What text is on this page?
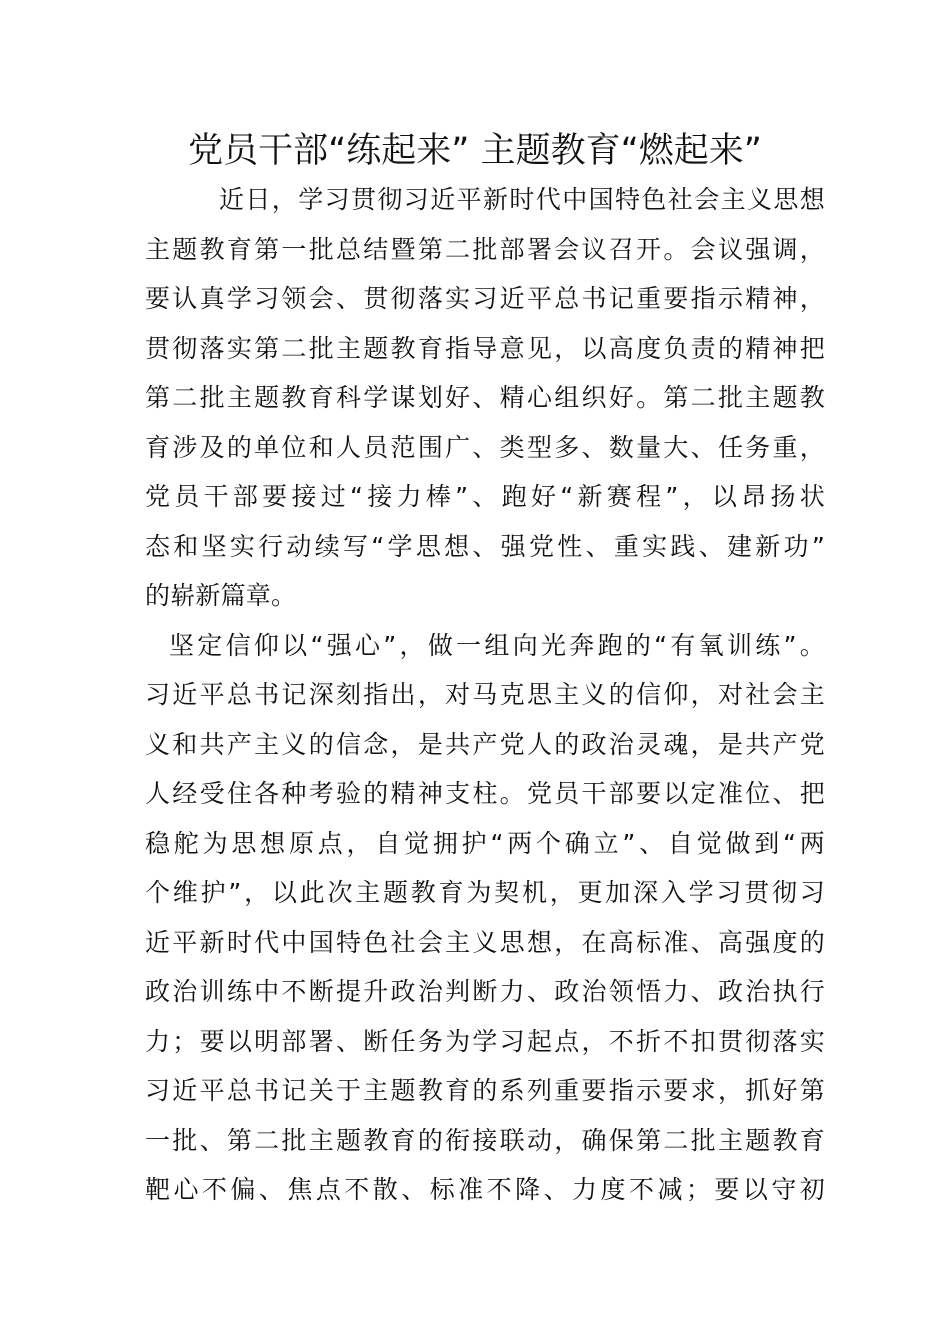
党员干部“练起来” 主题教育“燃起来”
近日，学习贯彻习近平新时代中国特色社会主义思想
主题教育第一批总结暨第二批部署会议召开。会议强调，
要认真学习领会、贯彻落实习近平总书记重要指示精神，
贯彻落实第二批主题教育指导意见，以高度负责的精神把
第二批主题教育科学谋划好、精心组织好。第二批主题教
育涉及的单位和人员范围广、类型多、数量大、任务重，
党员干部要接过“接力棒”、跑好“新赛程”，以昂扬状
态和坚实行动续写“学思想、强党性、重实践、建新功”
的崭新篇章。
坚定信仰以“强心”，做一组向光奔跑的“有氧训练”。
习近平总书记深刻指出，对马克思主义的信仰，对社会主
义和共产主义的信念，是共产党人的政治灵魂，是共产党
人经受住各种考验的精神支柱。党员干部要以定准位、把
稳舵为思想原点，自觉拥护“两个确立”、自觉做到“两
个维护”，以此次主题教育为契机，更加深入学习贯彻习
近平新时代中国特色社会主义思想，在高标准、高强度的
政治训练中不断提升政治判断力、政治领悟力、政治执行
力；要以明部署、断任务为学习起点，不折不扣贯彻落实
习近平总书记关于主题教育的系列重要指示要求，抓好第
一批、第二批主题教育的衔接联动，确保第二批主题教育
靶心不偏、焦点不散、标准不降、力度不减；要以守初
